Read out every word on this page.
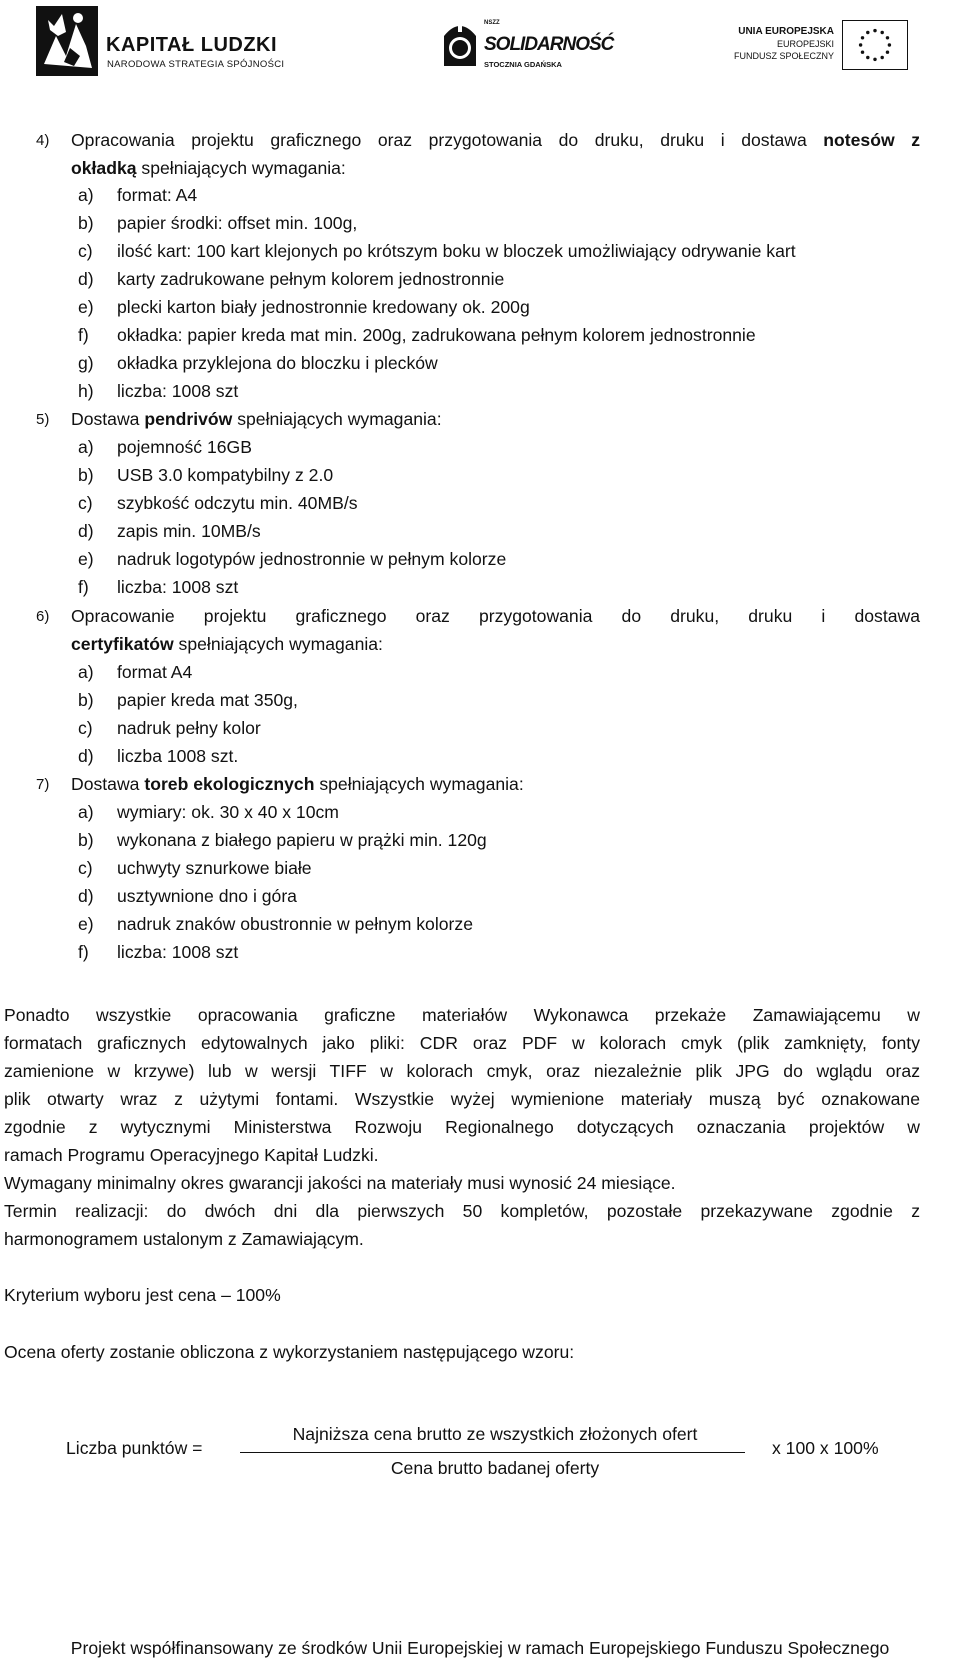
KAPITAŁ LUDZKI
NARODOWA STRATEGIA SPÓJNOŚCI
NSZZ
SOLIDARNOŚĆ
STOCZNIA GDAŃSKA
UNIA EUROPEJSKA
EUROPEJSKI
FUNDUSZ SPOŁECZNY
4) Opracowania projektu graficznego oraz przygotowania do druku, druku i dostawa notesów z
okładką spełniających wymagania:
a) format: A4
b) papier środki: offset min. 100g,
c) ilość kart: 100 kart klejonych po krótszym boku w bloczek umożliwiający odrywanie kart
d) karty zadrukowane pełnym kolorem jednostronnie
e) plecki karton biały jednostronnie kredowany ok. 200g
f) okładka: papier kreda mat min. 200g, zadrukowana pełnym kolorem jednostronnie
g) okładka przyklejona do bloczku i plecków
h) liczba: 1008 szt
5) Dostawa pendrivów spełniających wymagania:
a) pojemność 16GB
b) USB 3.0 kompatybilny z 2.0
c) szybkość odczytu min. 40MB/s
d) zapis min. 10MB/s
e) nadruk logotypów jednostronnie w pełnym kolorze
f) liczba: 1008 szt
6) Opracowanie projektu graficznego oraz przygotowania do druku, druku i dostawa
certyfikatów spełniających wymagania:
a) format A4
b) papier kreda mat 350g,
c) nadruk pełny kolor
d) liczba 1008 szt.
7) Dostawa toreb ekologicznych spełniających wymagania:
a) wymiary: ok. 30 x 40 x 10cm
b) wykonana z białego papieru w prążki min. 120g
c) uchwyty sznurkowe białe
d) usztywnione dno i góra
e) nadruk znaków obustronnie w pełnym kolorze
f) liczba: 1008 szt
Ponadto wszystkie opracowania graficzne materiałów Wykonawca przekaże Zamawiającemu w
formatach graficznych edytowalnych jako pliki: CDR oraz PDF w kolorach cmyk (plik zamknięty, fonty
zamienione w krzywe) lub w wersji TIFF w kolorach cmyk, oraz niezależnie plik JPG do wglądu oraz
plik otwarty wraz z użytymi fontami. Wszystkie wyżej wymienione materiały muszą być oznakowane
zgodnie z wytycznymi Ministerstwa Rozwoju Regionalnego dotyczących oznaczania projektów w
ramach Programu Operacyjnego Kapitał Ludzki.
Wymagany minimalny okres gwarancji jakości na materiały musi wynosić 24 miesiące.
Termin realizacji: do dwóch dni dla pierwszych 50 kompletów, pozostałe przekazywane zgodnie z
harmonogramem ustalonym z Zamawiającym.
Kryterium wyboru jest cena – 100%
Ocena oferty zostanie obliczona z wykorzystaniem następującego wzoru:
Liczba punktów =
Najniższa cena brutto ze wszystkich złożonych ofert
Cena brutto badanej oferty
x 100 x 100%
Projekt współfinansowany ze środków Unii Europejskiej w ramach Europejskiego Funduszu Społecznego
